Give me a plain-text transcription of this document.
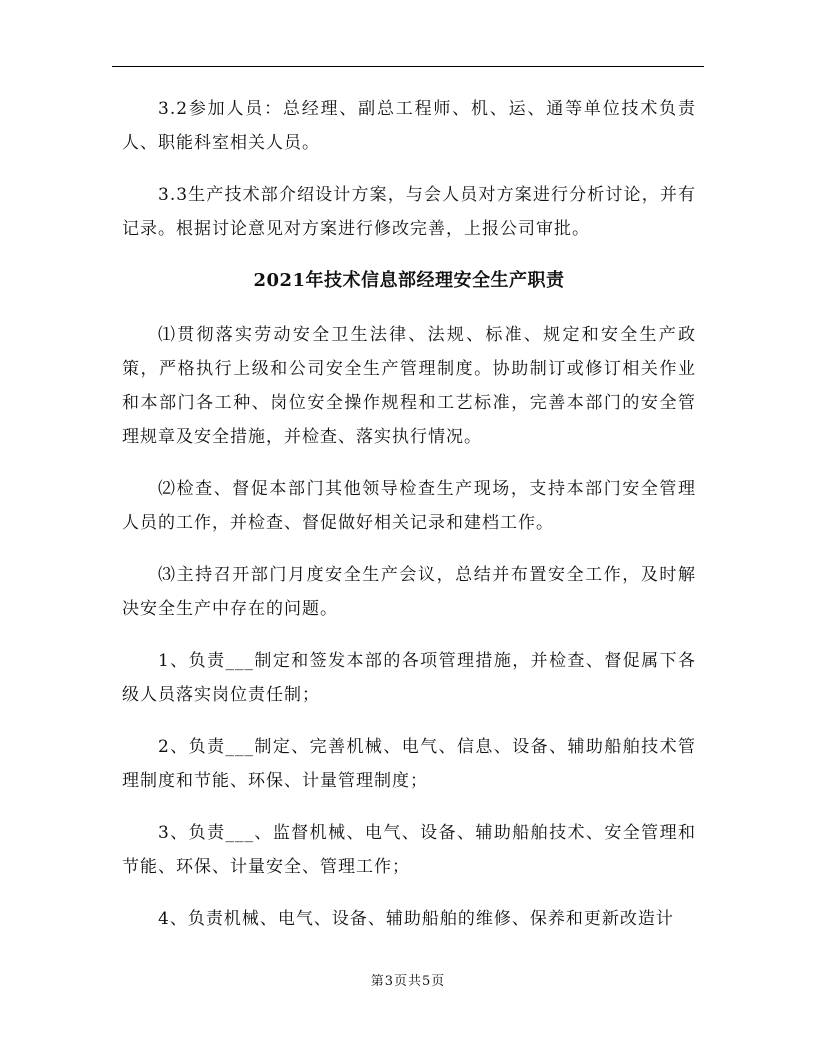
3.2参加人员：总经理、副总工程师、机、运、通等单位技术负责人、职能科室相关人员。

3.3生产技术部介绍设计方案，与会人员对方案进行分析讨论，并有记录。根据讨论意见对方案进行修改完善，上报公司审批。

2021年技术信息部经理安全生产职责

⑴贯彻落实劳动安全卫生法律、法规、标准、规定和安全生产政策，严格执行上级和公司安全生产管理制度。协助制订或修订相关作业和本部门各工种、岗位安全操作规程和工艺标准，完善本部门的安全管理规章及安全措施，并检查、落实执行情况。

⑵检查、督促本部门其他领导检查生产现场，支持本部门安全管理人员的工作，并检查、督促做好相关记录和建档工作。

⑶主持召开部门月度安全生产会议，总结并布置安全工作，及时解决安全生产中存在的问题。

1、负责___制定和签发本部的各项管理措施，并检查、督促属下各级人员落实岗位责任制；

2、负责___制定、完善机械、电气、信息、设备、辅助船舶技术管理制度和节能、环保、计量管理制度；

3、负责___、监督机械、电气、设备、辅助船舶技术、安全管理和节能、环保、计量安全、管理工作；

4、负责机械、电气、设备、辅助船舶的维修、保养和更新改造计

第3页共5页
